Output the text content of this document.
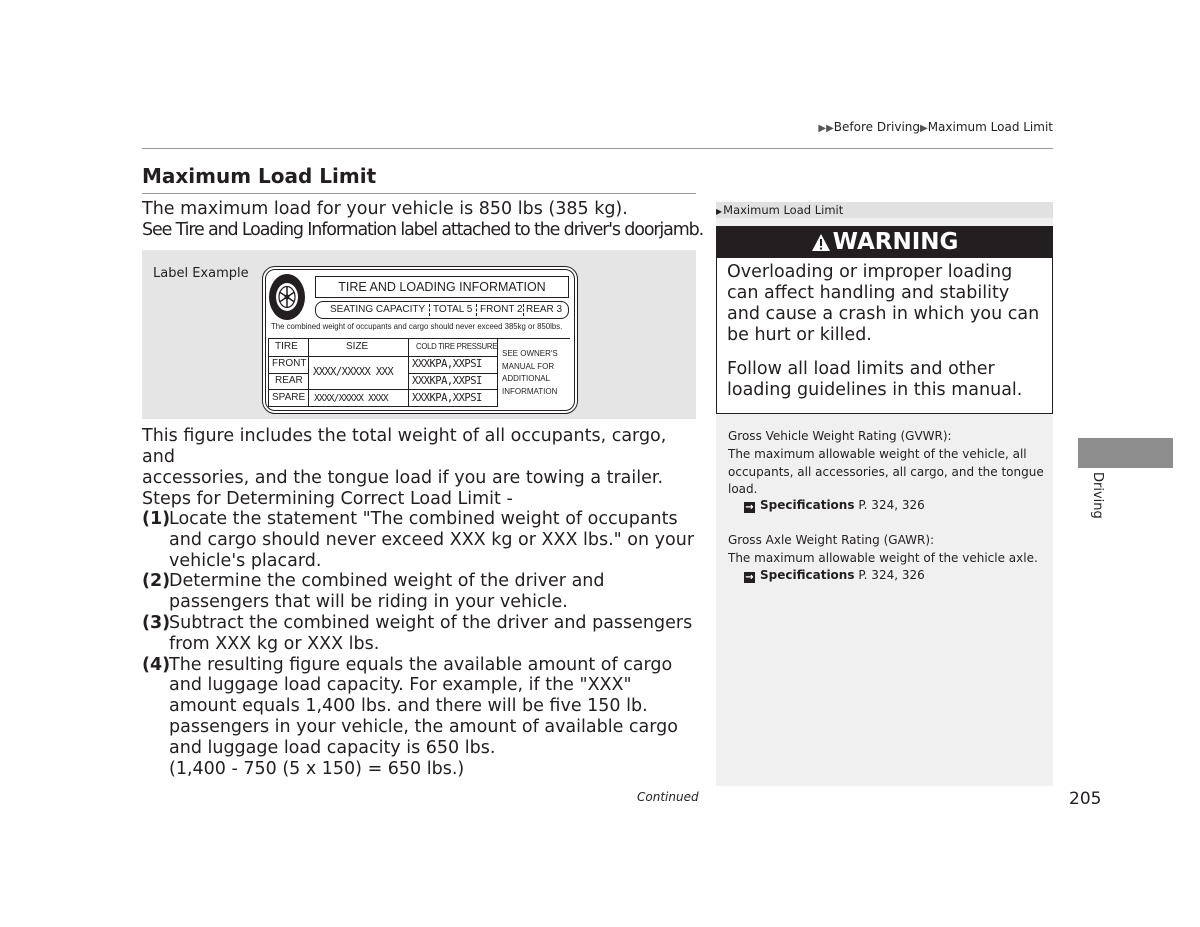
▶▶Before Driving▶Maximum Load Limit
Maximum Load Limit
The maximum load for your vehicle is 850 lbs (385 kg).
See Tire and Loading Information label attached to the driver's doorjamb.
Label Example
TIRE AND LOADING INFORMATION
SEATING CAPACITY TOTAL 5 FRONT 2 REAR 3
The combined weight of occupants and cargo should never exceed 385kg or 850lbs.
TIRE	SIZE	COLD TIRE PRESSURE
FRONT
REAR
SPARE
XXXX/XXXXX XXX
XXXX/XXXXX XXXX
XXXKPA,XXPSI
XXXKPA,XXPSI
XXXKPA,XXPSI
SEE OWNER'S
MANUAL FOR
ADDITIONAL
INFORMATION

This figure includes the total weight of all occupants, cargo, and

accessories, and the tongue load if you are towing a trailer.

Steps for Determining Correct Load Limit -

(1)
Locate the statement "The combined weight of occupants and cargo should never exceed XXX kg or XXX lbs." on your vehicle's placard.
(2)
Determine the combined weight of the driver and passengers that will be riding in your vehicle.
(3)
Subtract the combined weight of the driver and passengers from XXX kg or XXX lbs.
(4)
The resulting figure equals the available amount of cargo and luggage load capacity. For example, if the "XXX" amount equals 1,400 lbs. and there will be five 150 lb. passengers in your vehicle, the amount of available cargo and luggage load capacity is 650 lbs.
(1,400 - 750 (5 x 150) = 650 lbs.)
Continued
▶Maximum Load Limit
WARNING
Overloading or improper loading can affect handling and stability and cause a crash in which you can be hurt or killed.
Follow all load limits and other loading guidelines in this manual.
Gross Vehicle Weight Rating (GVWR):
The maximum allowable weight of the vehicle, all occupants, all accessories, all cargo, and the tongue load.
→ Specifications P. 324, 326
Gross Axle Weight Rating (GAWR):
The maximum allowable weight of the vehicle axle.
→ Specifications P. 324, 326
Driving
205
